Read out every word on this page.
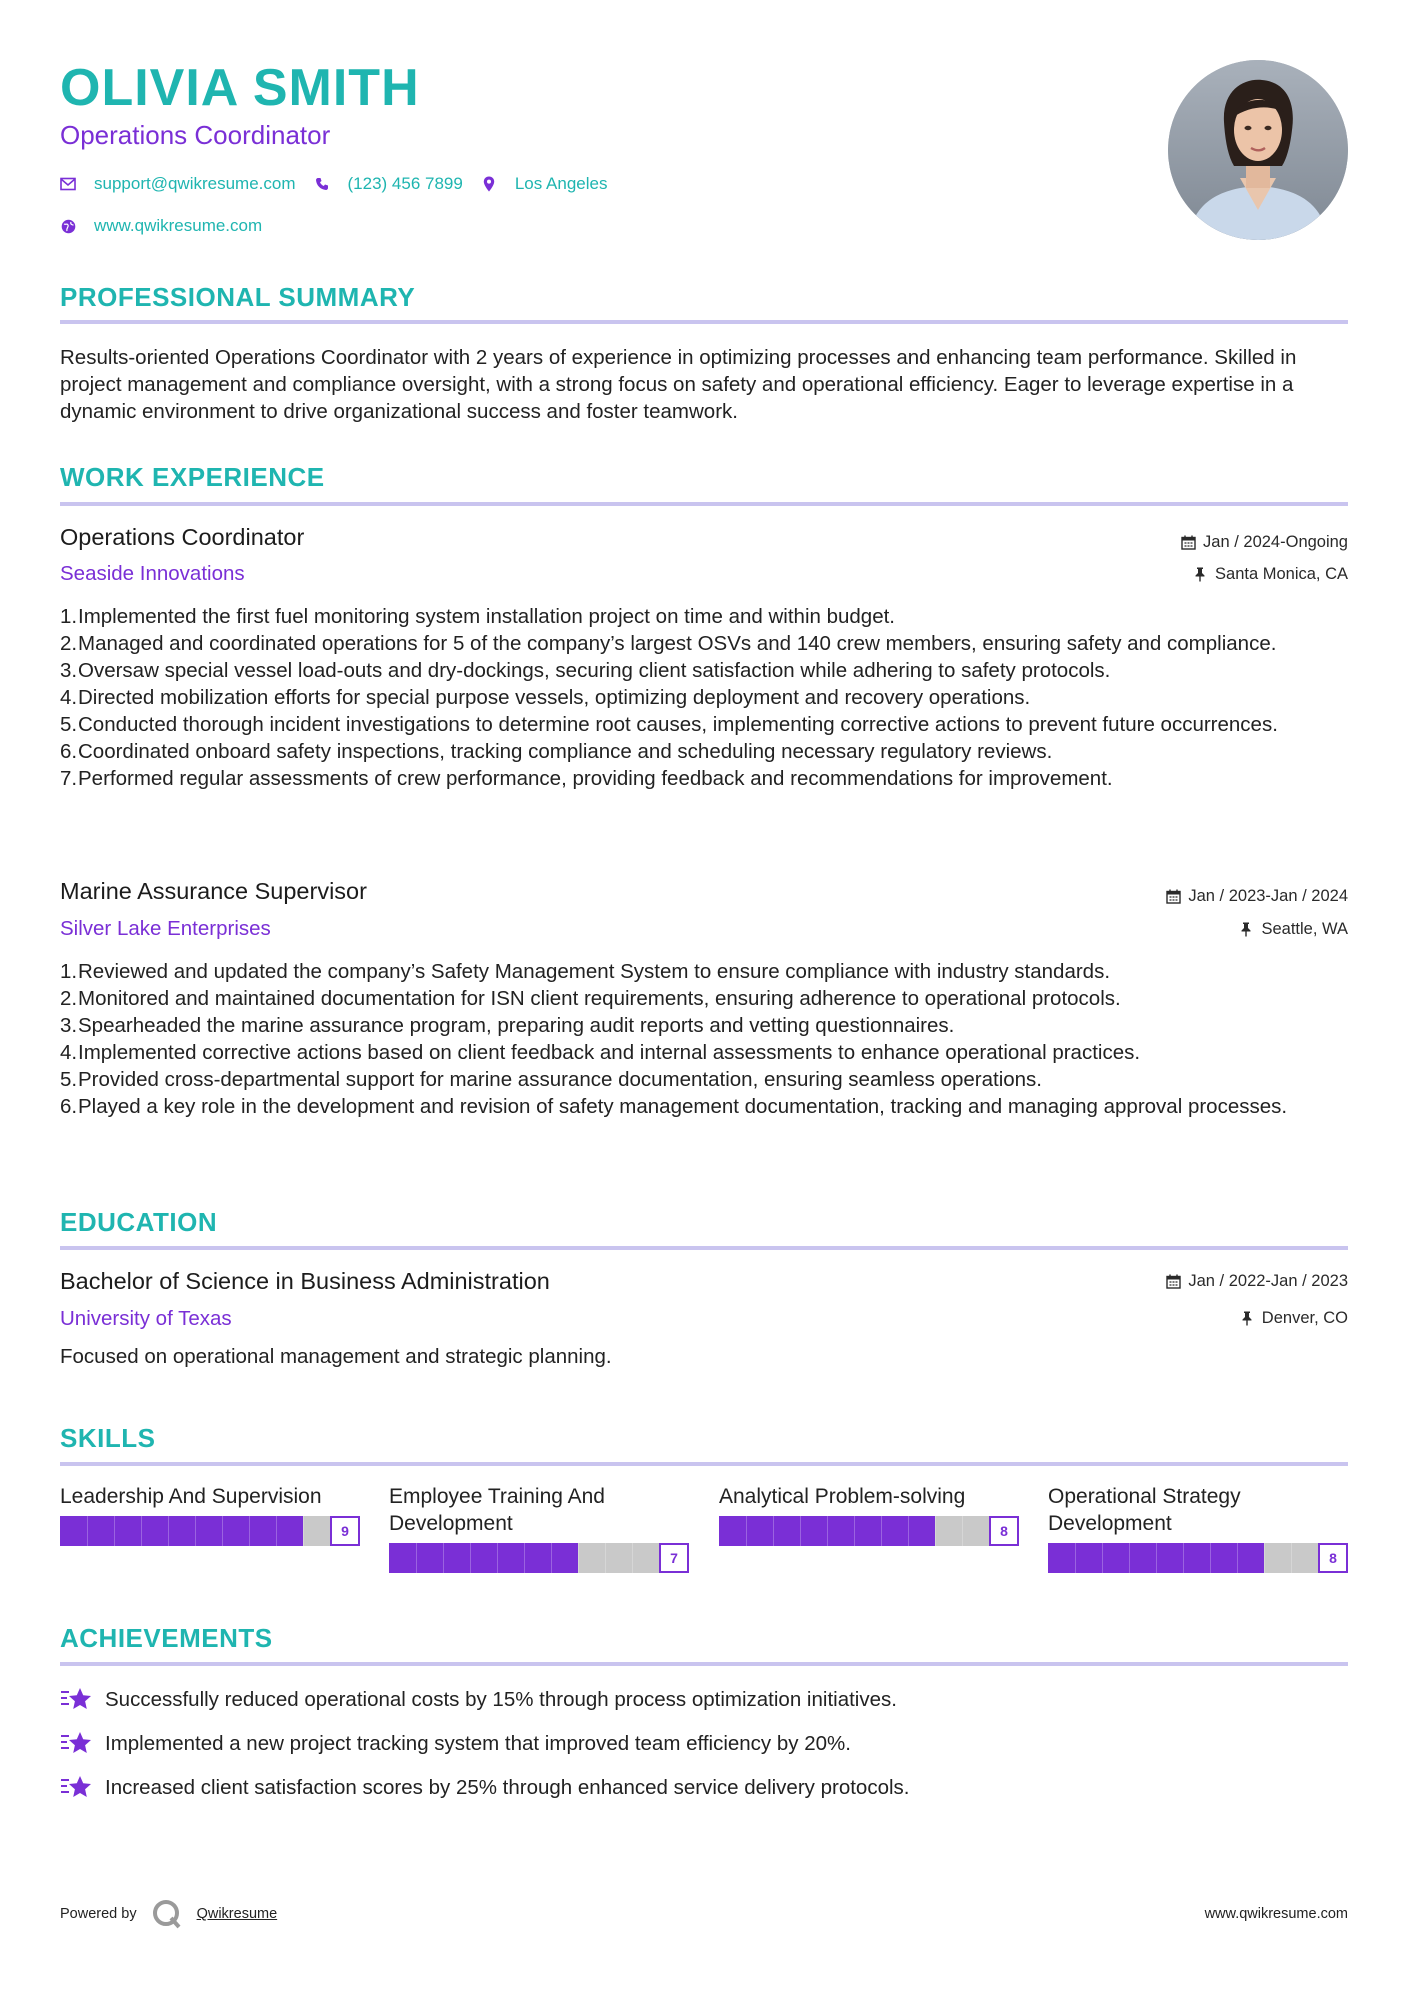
OLIVIA SMITH
Operations Coordinator
support@qwikresume.com	(123) 456 7899	Los Angeles
www.qwikresume.com
PROFESSIONAL SUMMARY

Results-oriented Operations Coordinator with 2 years of experience in optimizing processes and enhancing team performance. Skilled in project management and compliance oversight, with a strong focus on safety and operational efficiency. Eager to leverage expertise in a dynamic environment to drive organizational success and foster teamwork.

WORK EXPERIENCE
Operations Coordinator	Jan / 2024-Ongoing
Seaside Innovations	Santa Monica, CA
1. Implemented the first fuel monitoring system installation project on time and within budget.
2. Managed and coordinated operations for 5 of the company’s largest OSVs and 140 crew members, ensuring safety and compliance.
3. Oversaw special vessel load-outs and dry-dockings, securing client satisfaction while adhering to safety protocols.
4. Directed mobilization efforts for special purpose vessels, optimizing deployment and recovery operations.
5. Conducted thorough incident investigations to determine root causes, implementing corrective actions to prevent future occurrences.
6. Coordinated onboard safety inspections, tracking compliance and scheduling necessary regulatory reviews.
7. Performed regular assessments of crew performance, providing feedback and recommendations for improvement.
Marine Assurance Supervisor	Jan / 2023-Jan / 2024
Silver Lake Enterprises	Seattle, WA
1. Reviewed and updated the company’s Safety Management System to ensure compliance with industry standards.
2. Monitored and maintained documentation for ISN client requirements, ensuring adherence to operational protocols.
3. Spearheaded the marine assurance program, preparing audit reports and vetting questionnaires.
4. Implemented corrective actions based on client feedback and internal assessments to enhance operational practices.
5. Provided cross-departmental support for marine assurance documentation, ensuring seamless operations.
6. Played a key role in the development and revision of safety management documentation, tracking and managing approval processes.
EDUCATION
Bachelor of Science in Business Administration	Jan / 2022-Jan / 2023
University of Texas	Denver, CO

Focused on operational management and strategic planning.

SKILLS
Leadership And Supervision
9
Employee Training And Development
7
Analytical Problem-solving
8
Operational Strategy Development
8
ACHIEVEMENTS
Successfully reduced operational costs by 15% through process optimization initiatives.
Implemented a new project tracking system that improved team efficiency by 20%.
Increased client satisfaction scores by 25% through enhanced service delivery protocols.
Powered by	Qwikresume	www.qwikresume.com
